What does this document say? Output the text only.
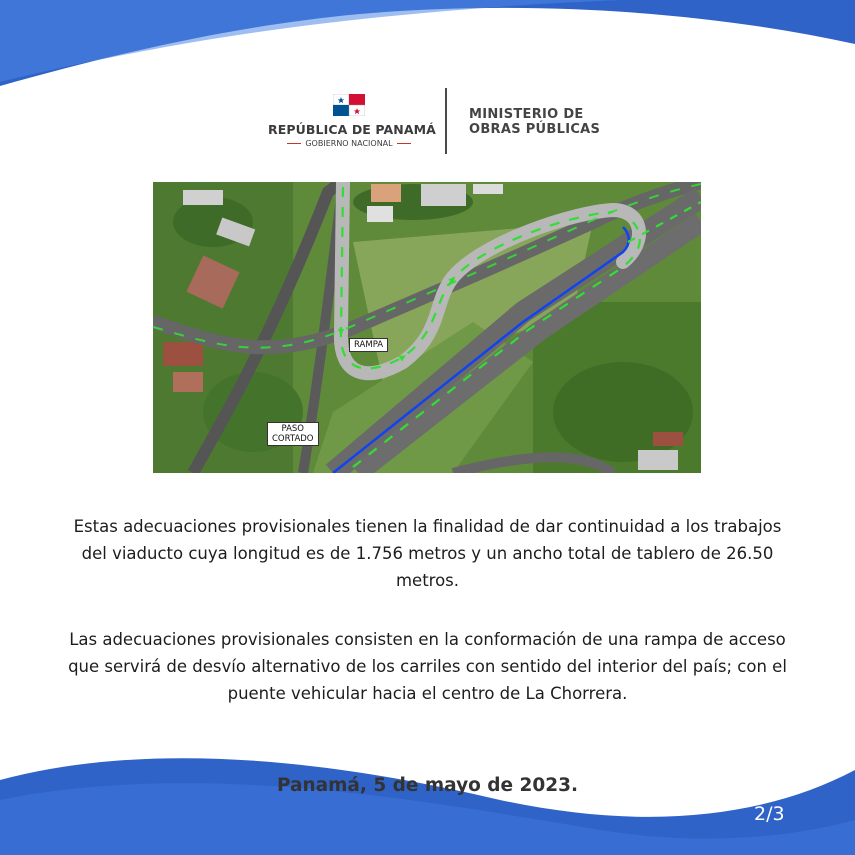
REPÚBLICA DE PANAMÁ
GOBIERNO NACIONAL
MINISTERIO DE
OBRAS PÚBLICAS
RAMPA
PASO
CORTADO

Estas adecuaciones provisionales tienen la finalidad de dar continuidad a los trabajos del viaducto cuya longitud es de 1.756 metros y un ancho total de tablero de 26.50 metros.

Las adecuaciones provisionales consisten en la conformación de una rampa de acceso que servirá de desvío alternativo de los carriles con sentido del interior del país; con el puente vehicular hacia el centro de La Chorrera.

Panamá, 5 de mayo de 2023.
2/3
